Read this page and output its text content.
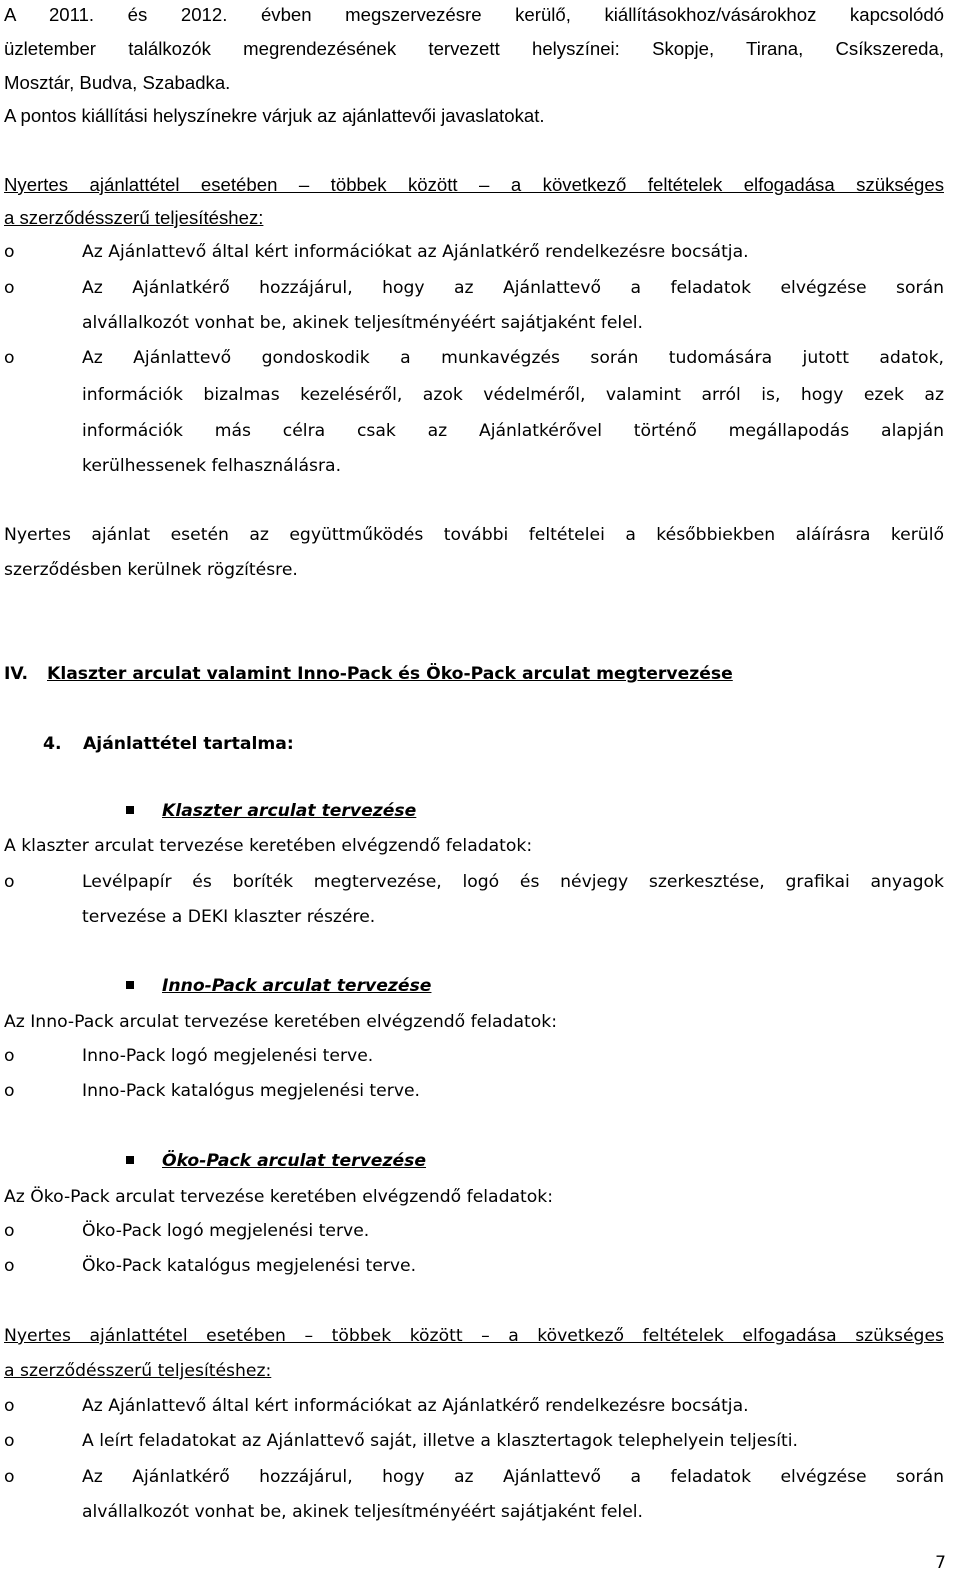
A 2011. és 2012. évben megszervezésre kerülő, kiállításokhoz/vásárokhoz kapcsolódó
üzletember találkozók megrendezésének tervezett helyszínei: Skopje, Tirana, Csíkszereda,
Mosztár, Budva, Szabadka.
A pontos kiállítási helyszínekre várjuk az ajánlattevői javaslatokat.
Nyertes ajánlattétel esetében – többek között – a következő feltételek elfogadása szükséges
a szerződésszerű teljesítéshez:
o	Az Ajánlattevő által kért információkat az Ajánlatkérő rendelkezésre bocsátja.
o	Az Ajánlatkérő hozzájárul, hogy az Ajánlattevő a feladatok elvégzése során
alvállalkozót vonhat be, akinek teljesítményéért sajátjaként felel.
o	Az Ajánlattevő gondoskodik a munkavégzés során tudomására jutott adatok,
információk bizalmas kezeléséről, azok védelméről, valamint arról is, hogy ezek az
információk más célra csak az Ajánlatkérővel történő megállapodás alapján
kerülhessenek felhasználásra.
Nyertes ajánlat esetén az együttműködés további feltételei a későbbiekben aláírásra kerülő
szerződésben kerülnek rögzítésre.
IV. Klaszter arculat valamint Inno-Pack és Öko-Pack arculat megtervezése
4. Ajánlattétel tartalma:
Klaszter arculat tervezése
A klaszter arculat tervezése keretében elvégzendő feladatok:
o	Levélpapír és boríték megtervezése, logó és névjegy szerkesztése, grafikai anyagok
tervezése a DEKI klaszter részére.
Inno-Pack arculat tervezése
Az Inno-Pack arculat tervezése keretében elvégzendő feladatok:
o	Inno-Pack logó megjelenési terve.
o	Inno-Pack katalógus megjelenési terve.
Öko-Pack arculat tervezése
Az Öko-Pack arculat tervezése keretében elvégzendő feladatok:
o	Öko-Pack logó megjelenési terve.
o	Öko-Pack katalógus megjelenési terve.
Nyertes ajánlattétel esetében – többek között – a következő feltételek elfogadása szükséges
a szerződésszerű teljesítéshez:
o	Az Ajánlattevő által kért információkat az Ajánlatkérő rendelkezésre bocsátja.
o	A leírt feladatokat az Ajánlattevő saját, illetve a klasztertagok telephelyein teljesíti.
o	Az Ajánlatkérő hozzájárul, hogy az Ajánlattevő a feladatok elvégzése során
alvállalkozót vonhat be, akinek teljesítményéért sajátjaként felel.
7
